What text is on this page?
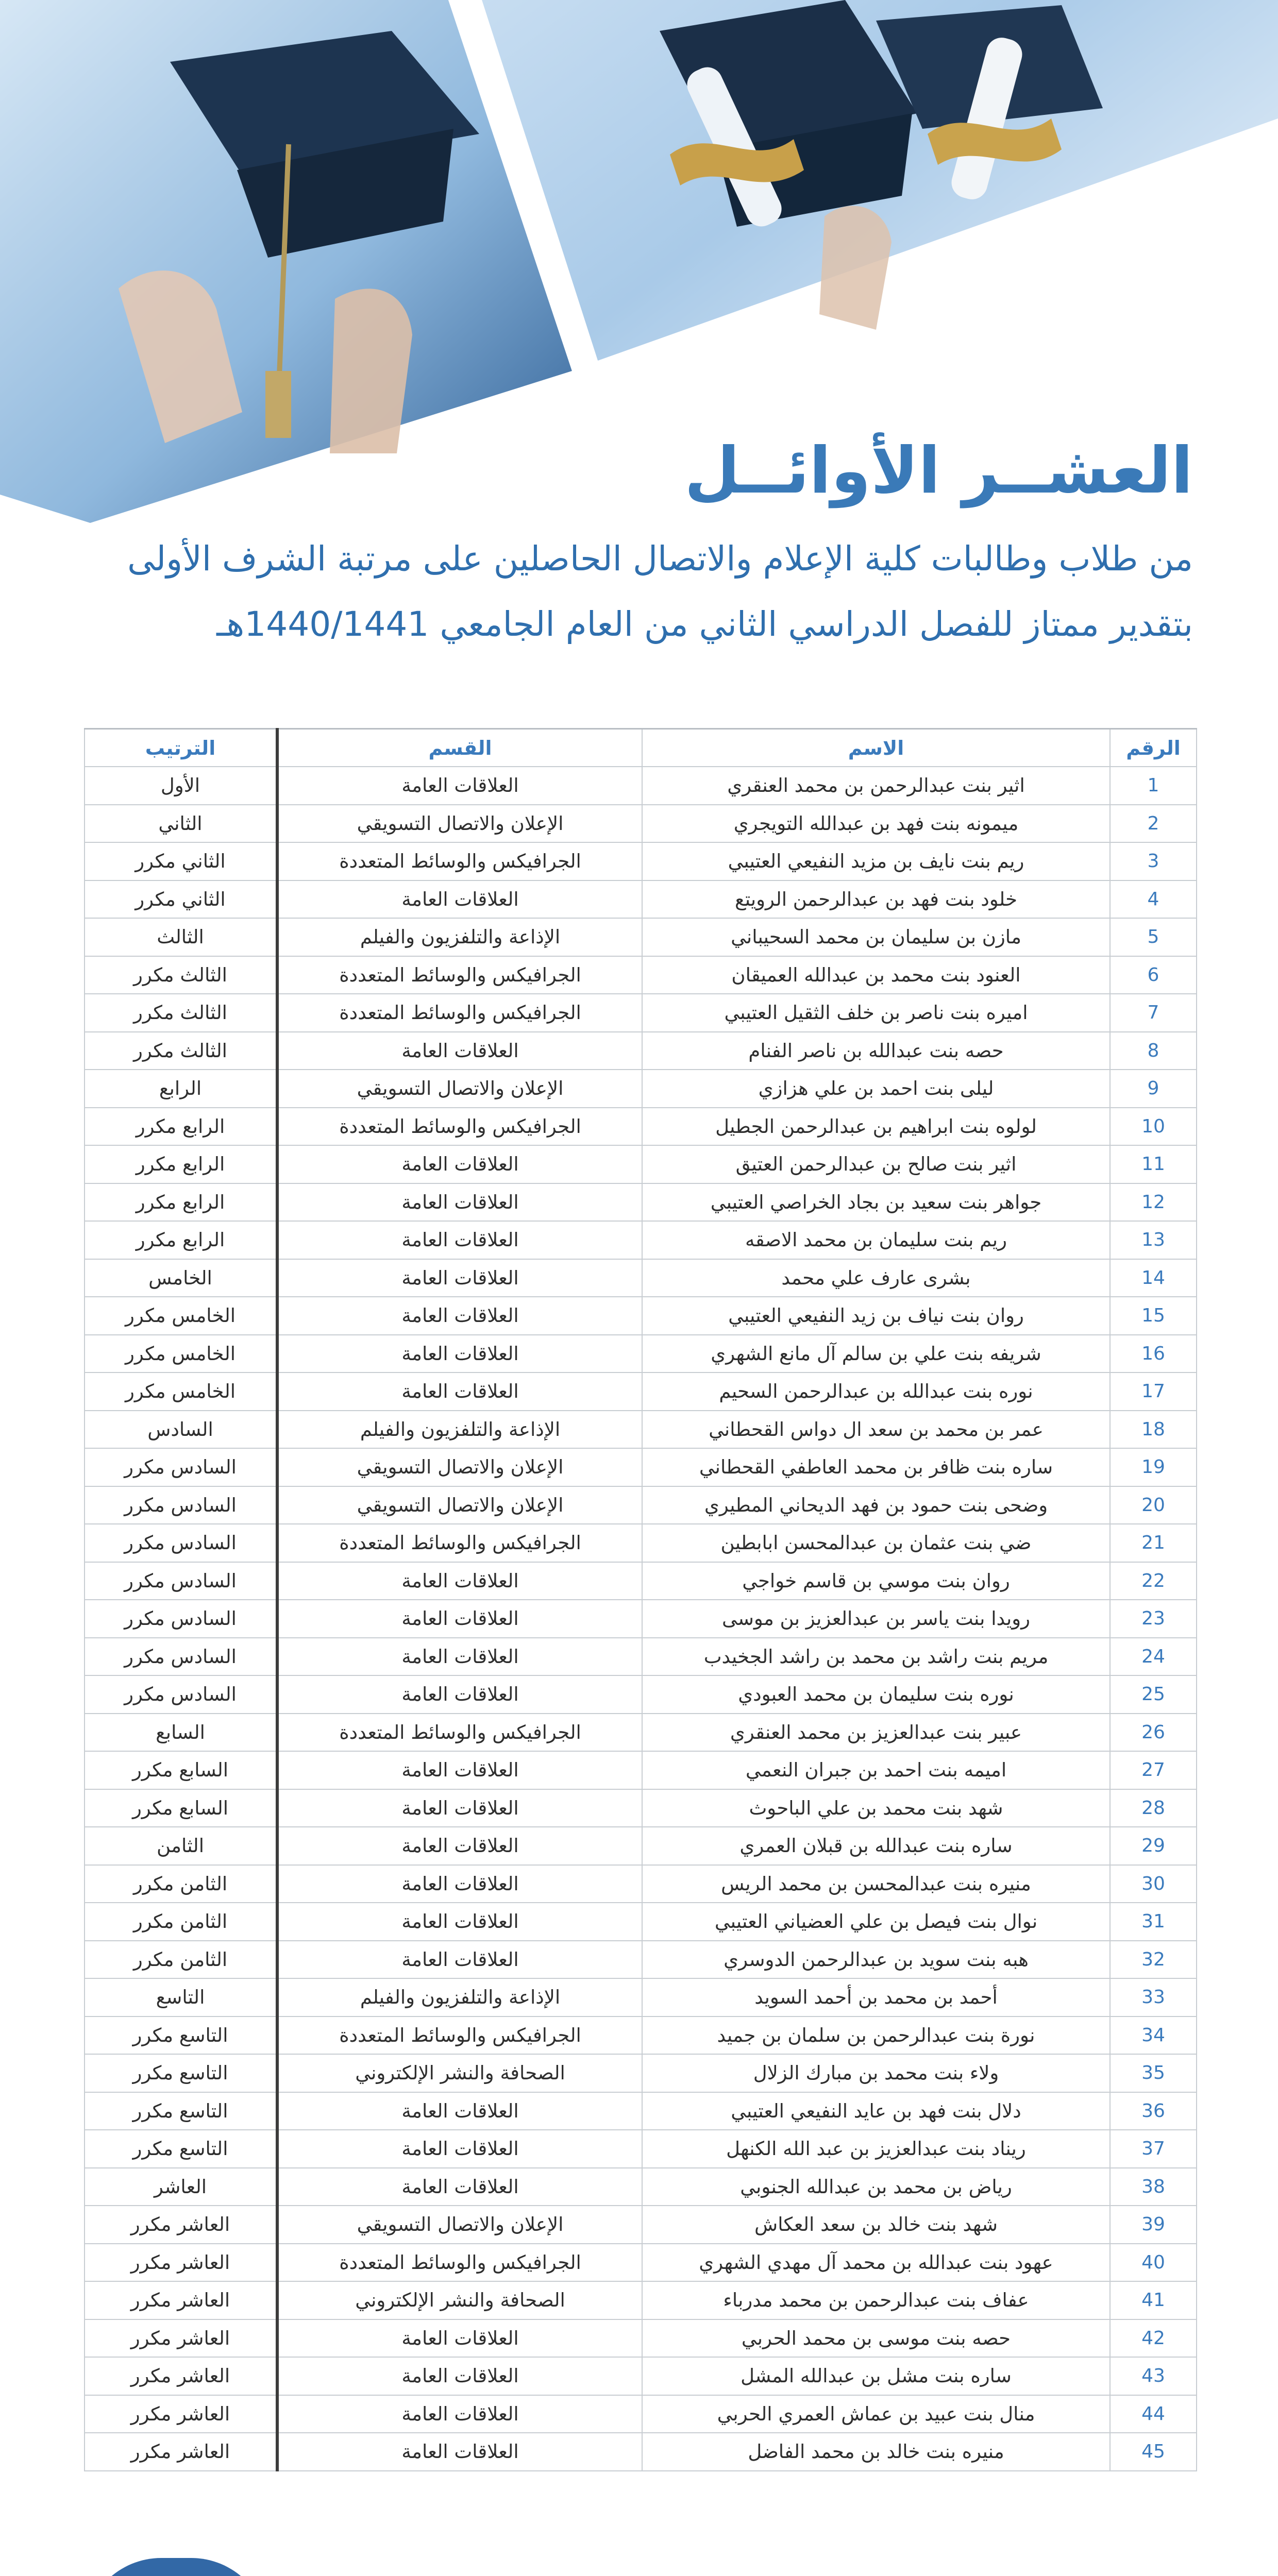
العشــر الأوائــل
من طلاب وطالبات كلية الإعلام والاتصال الحاصلين على مرتبة الشرف الأولى
بتقدير ممتاز للفصل الدراسي الثاني من العام الجامعي 1440/1441هـ
الرقم	الاسم	القسم	الترتيب
1	اثير بنت عبدالرحمن بن محمد العنقري	العلاقات العامة	الأول
2	ميمونه بنت فهد بن عبدالله التويجري	الإعلان والاتصال التسويقي	الثاني
3	ريم بنت نايف بن مزيد النفيعي العتيبي	الجرافيكس والوسائط المتعددة	الثاني مكرر
4	خلود بنت فهد بن عبدالرحمن الرويتع	العلاقات العامة	الثاني مكرر
5	مازن بن سليمان بن محمد السحيباني	الإذاعة والتلفزيون والفيلم	الثالث
6	العنود بنت محمد بن عبدالله العميقان	الجرافيكس والوسائط المتعددة	الثالث مكرر
7	اميره بنت ناصر بن خلف الثقيل العتيبي	الجرافيكس والوسائط المتعددة	الثالث مكرر
8	حصه بنت عبدالله بن ناصر الفنام	العلاقات العامة	الثالث مكرر
9	ليلى بنت احمد بن علي هزازي	الإعلان والاتصال التسويقي	الرابع
10	لولوه بنت ابراهيم بن عبدالرحمن الجطيل	الجرافيكس والوسائط المتعددة	الرابع مكرر
11	اثير بنت صالح بن عبدالرحمن العتيق	العلاقات العامة	الرابع مكرر
12	جواهر بنت سعيد بن بجاد الخراصي العتيبي	العلاقات العامة	الرابع مكرر
13	ريم بنت سليمان بن محمد الاصقه	العلاقات العامة	الرابع مكرر
14	بشرى عارف علي محمد	العلاقات العامة	الخامس
15	روان بنت نياف بن زيد النفيعي العتيبي	العلاقات العامة	الخامس مكرر
16	شريفه بنت علي بن سالم آل مانع الشهري	العلاقات العامة	الخامس مكرر
17	نوره بنت عبدالله بن عبدالرحمن السحيم	العلاقات العامة	الخامس مكرر
18	عمر بن محمد بن سعد ال دواس القحطاني	الإذاعة والتلفزيون والفيلم	السادس
19	ساره بنت ظافر بن محمد العاطفي القحطاني	الإعلان والاتصال التسويقي	السادس مكرر
20	وضحى بنت حمود بن فهد الديحاني المطيري	الإعلان والاتصال التسويقي	السادس مكرر
21	ضي بنت عثمان بن عبدالمحسن ابابطين	الجرافيكس والوسائط المتعددة	السادس مكرر
22	روان بنت موسي بن قاسم خواجي	العلاقات العامة	السادس مكرر
23	رويدا بنت ياسر بن عبدالعزيز بن موسى	العلاقات العامة	السادس مكرر
24	مريم بنت راشد بن محمد بن راشد الجخيدب	العلاقات العامة	السادس مكرر
25	نوره بنت سليمان بن محمد العبودي	العلاقات العامة	السادس مكرر
26	عبير بنت عبدالعزيز بن محمد العنقري	الجرافيكس والوسائط المتعددة	السابع
27	اميمه بنت احمد بن جبران النعمي	العلاقات العامة	السابع مكرر
28	شهد بنت محمد بن علي الباحوث	العلاقات العامة	السابع مكرر
29	ساره بنت عبدالله بن قبلان العمري	العلاقات العامة	الثامن
30	منيره بنت عبدالمحسن بن محمد الريس	العلاقات العامة	الثامن مكرر
31	نوال بنت فيصل بن علي العضياني العتيبي	العلاقات العامة	الثامن مكرر
32	هبه بنت سويد بن عبدالرحمن الدوسري	العلاقات العامة	الثامن مكرر
33	أحمد بن محمد بن أحمد السويد	الإذاعة والتلفزيون والفيلم	التاسع
34	نورة بنت عبدالرحمن بن سلمان بن جميد	الجرافيكس والوسائط المتعددة	التاسع مكرر
35	ولاء بنت محمد بن مبارك الزلال	الصحافة والنشر الإلكتروني	التاسع مكرر
36	دلال بنت فهد بن عايد النفيعي العتيبي	العلاقات العامة	التاسع مكرر
37	ريناد بنت عبدالعزيز بن عبد الله الكنهل	العلاقات العامة	التاسع مكرر
38	رياض بن محمد بن عبدالله الجنوبي	العلاقات العامة	العاشر
39	شهد بنت خالد بن سعد العكاش	الإعلان والاتصال التسويقي	العاشر مكرر
40	عهود بنت عبدالله بن محمد آل مهدي الشهري	الجرافيكس والوسائط المتعددة	العاشر مكرر
41	عفاف بنت عبدالرحمن بن محمد مدرباء	الصحافة والنشر الإلكتروني	العاشر مكرر
42	حصه بنت موسى بن محمد الحربي	العلاقات العامة	العاشر مكرر
43	ساره بنت مشل بن عبدالله المشل	العلاقات العامة	العاشر مكرر
44	منال بنت عبيد بن عماش العمري الحربي	العلاقات العامة	العاشر مكرر
45	منيره بنت خالد بن محمد الفاضل	العلاقات العامة	العاشر مكرر
